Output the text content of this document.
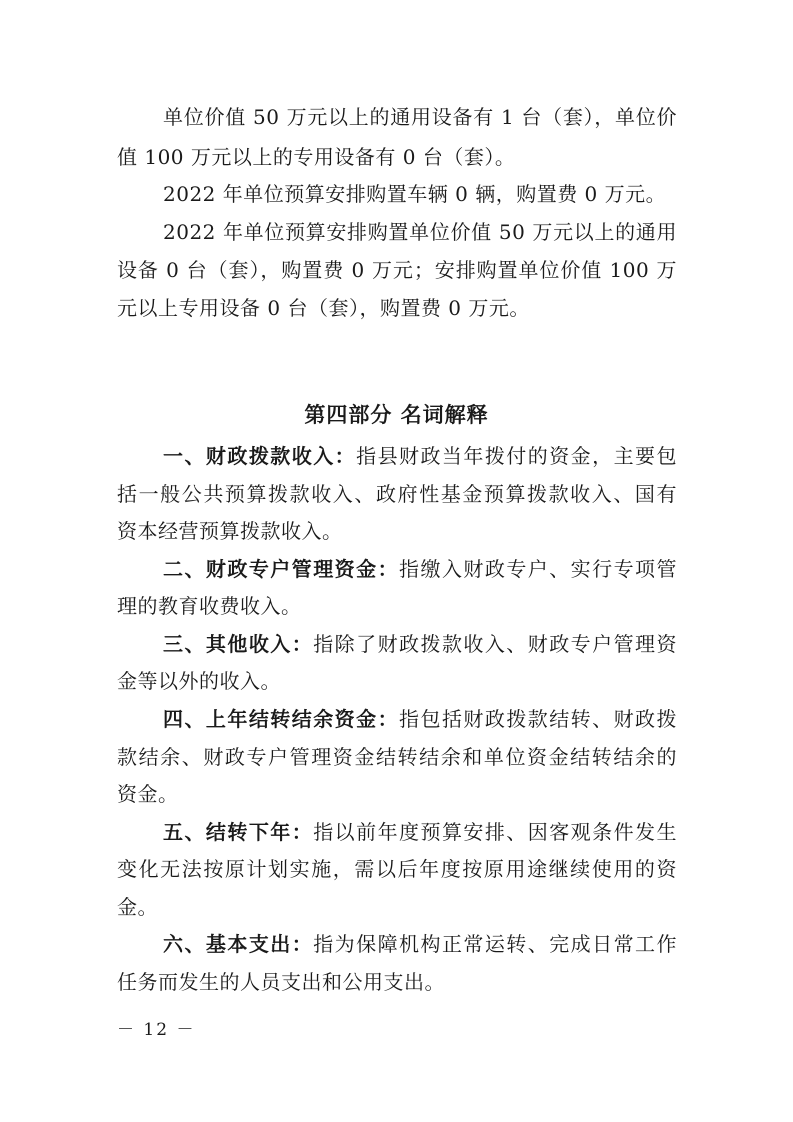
单位价值 50 万元以上的通用设备有 1 台（套），单位价
值 100 万元以上的专用设备有 0 台（套）。
2022 年单位预算安排购置车辆 0 辆，购置费 0 万元。
2022 年单位预算安排购置单位价值 50 万元以上的通用
设备 0 台（套），购置费 0 万元；安排购置单位价值 100 万
元以上专用设备 0 台（套），购置费 0 万元。
第四部分 名词解释
一、财政拨款收入：指县财政当年拨付的资金，主要包
括一般公共预算拨款收入、政府性基金预算拨款收入、国有
资本经营预算拨款收入。
二、财政专户管理资金：指缴入财政专户、实行专项管
理的教育收费收入。
三、其他收入：指除了财政拨款收入、财政专户管理资
金等以外的收入。
四、上年结转结余资金：指包括财政拨款结转、财政拨
款结余、财政专户管理资金结转结余和单位资金结转结余的
资金。
五、结转下年：指以前年度预算安排、因客观条件发生
变化无法按原计划实施，需以后年度按原用途继续使用的资
金。
六、基本支出：指为保障机构正常运转、完成日常工作
任务而发生的人员支出和公用支出。
－ 12 －
